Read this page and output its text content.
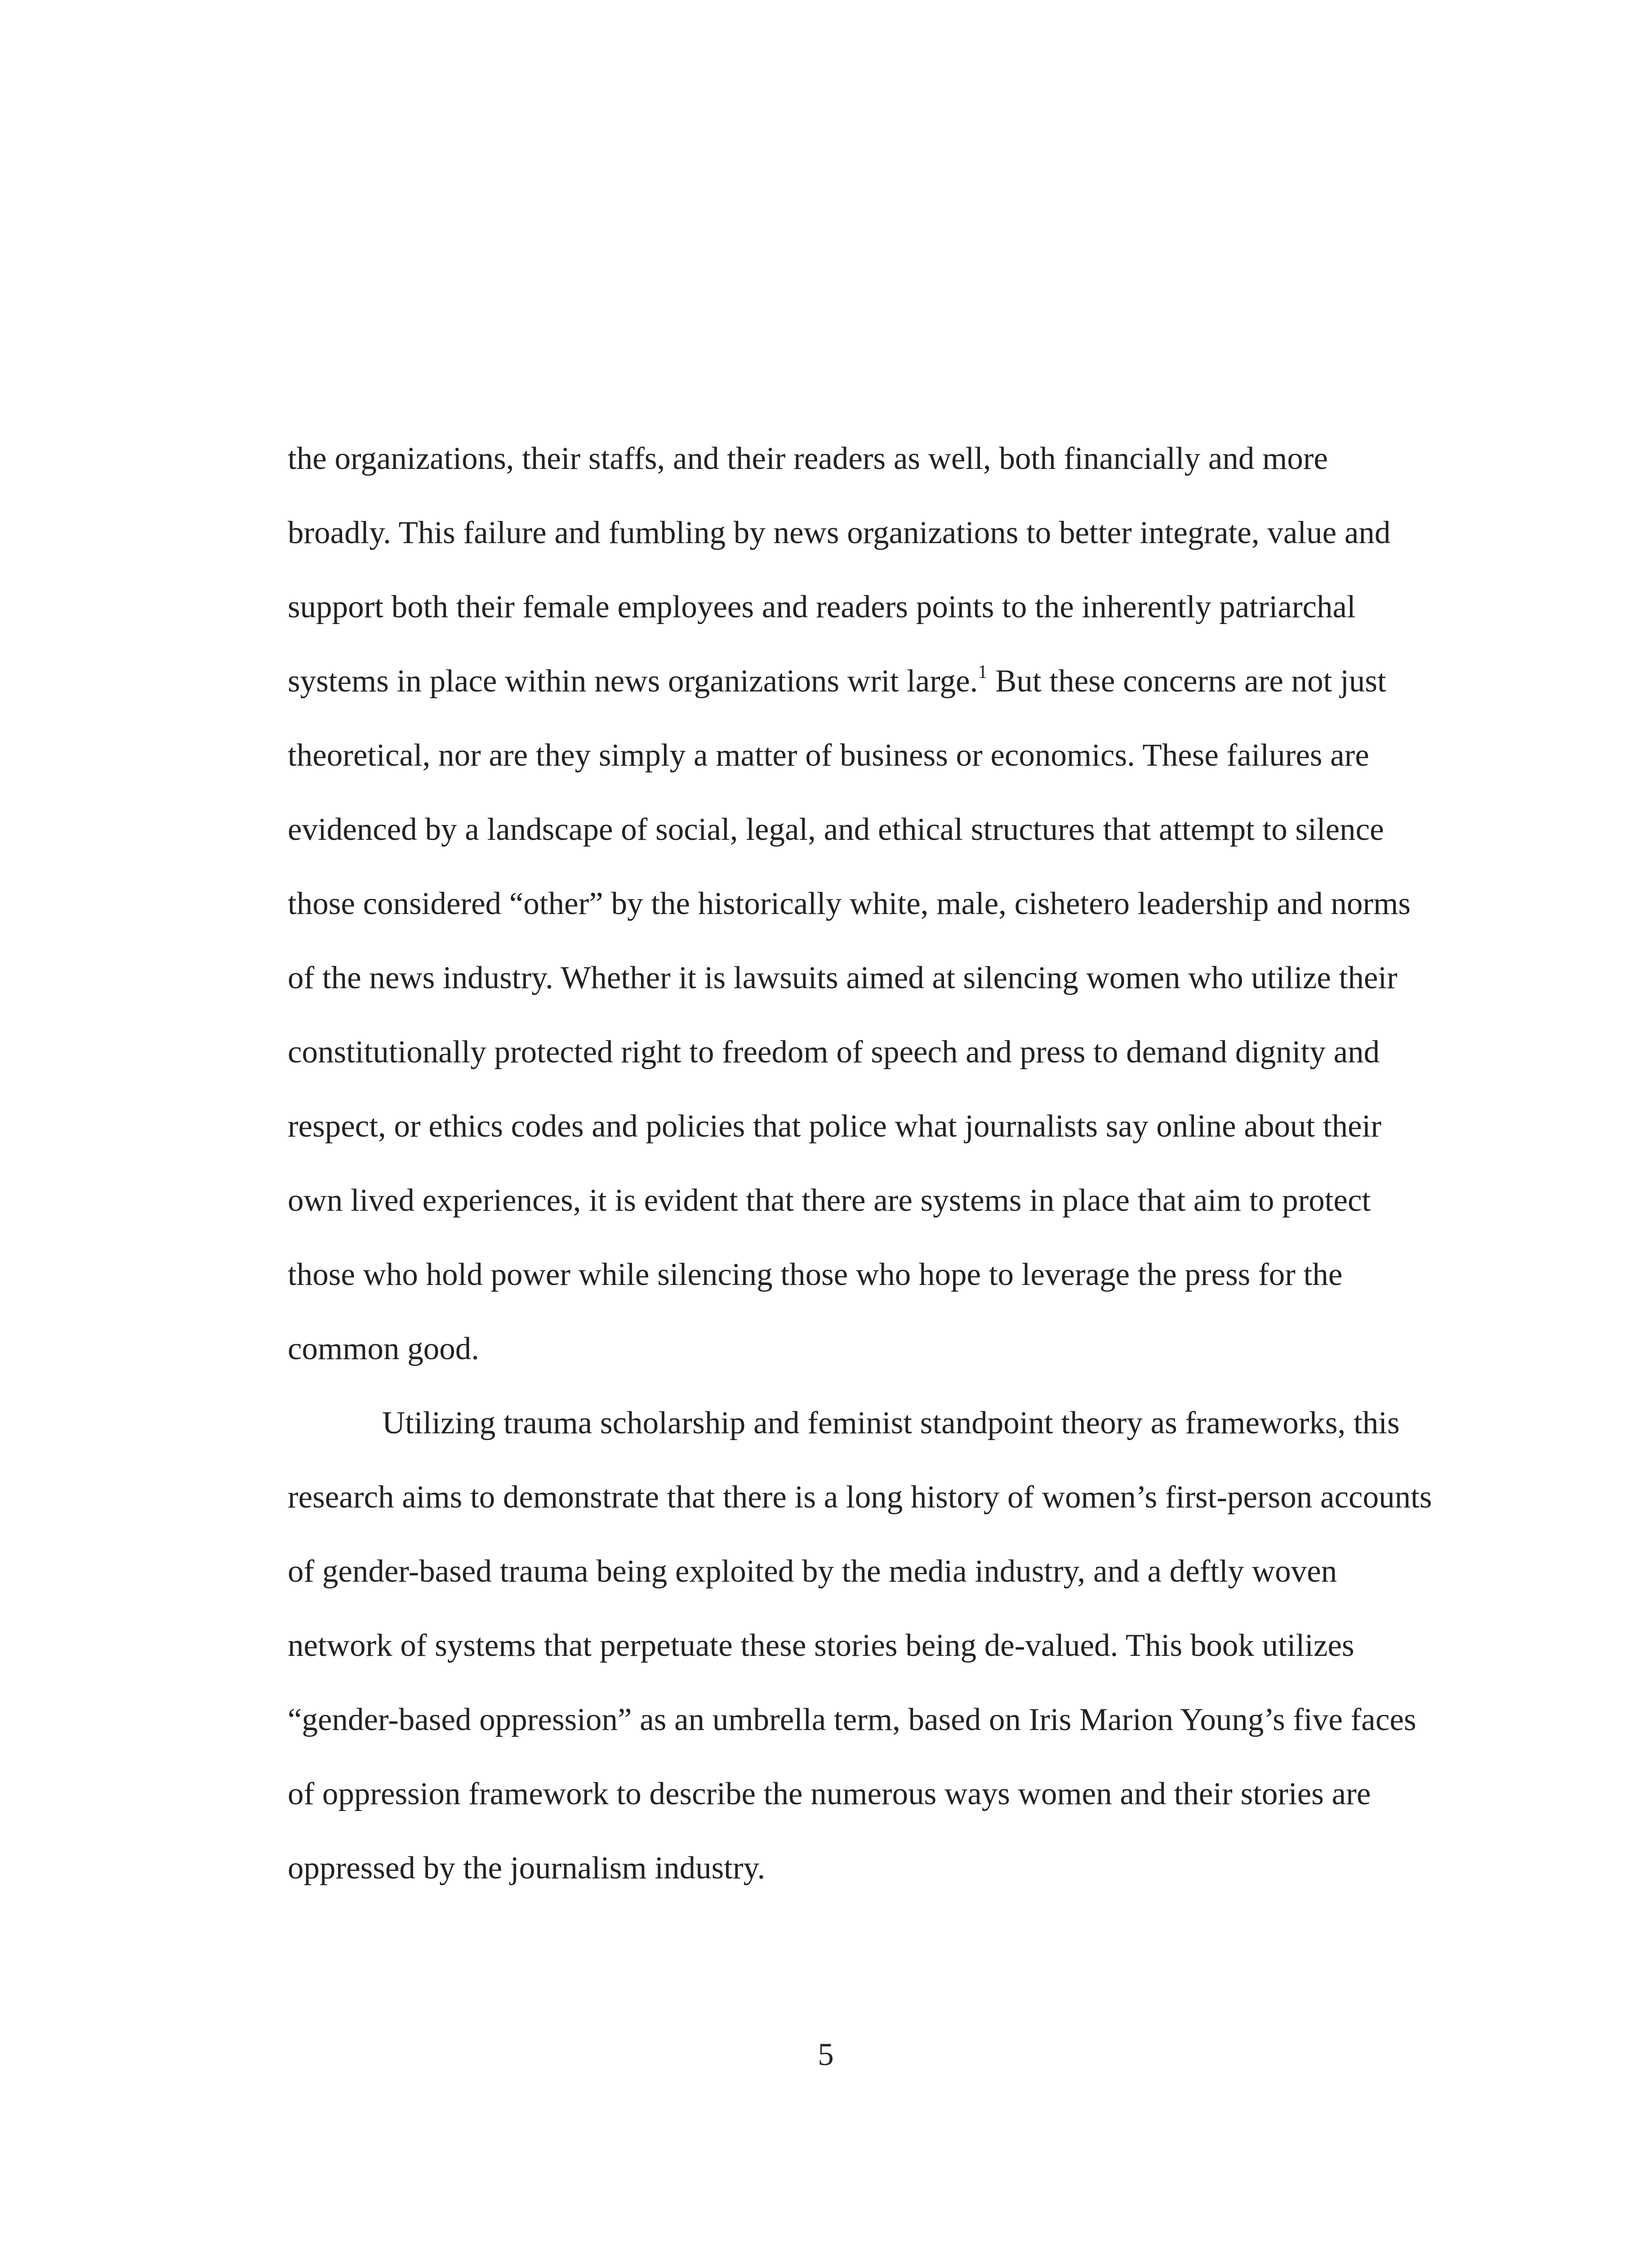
the organizations, their staffs, and their readers as well, both financially and more

broadly. This failure and fumbling by news organizations to better integrate, value and

support both their female employees and readers points to the inherently patriarchal

systems in place within news organizations writ large.$^1$ But these concerns are not just

theoretical, nor are they simply a matter of business or economics. These failures are

evidenced by a landscape of social, legal, and ethical structures that attempt to silence

those considered “other” by the historically white, male, cishetero leadership and norms

of the news industry. Whether it is lawsuits aimed at silencing women who utilize their

constitutionally protected right to freedom of speech and press to demand dignity and

respect, or ethics codes and policies that police what journalists say online about their

own lived experiences, it is evident that there are systems in place that aim to protect

those who hold power while silencing those who hope to leverage the press for the

common good.

Utilizing trauma scholarship and feminist standpoint theory as frameworks, this

research aims to demonstrate that there is a long history of women’s first-person accounts

of gender-based trauma being exploited by the media industry, and a deftly woven

network of systems that perpetuate these stories being de-valued. This book utilizes

“gender-based oppression” as an umbrella term, based on Iris Marion Young’s five faces

of oppression framework to describe the numerous ways women and their stories are

oppressed by the journalism industry.

5
